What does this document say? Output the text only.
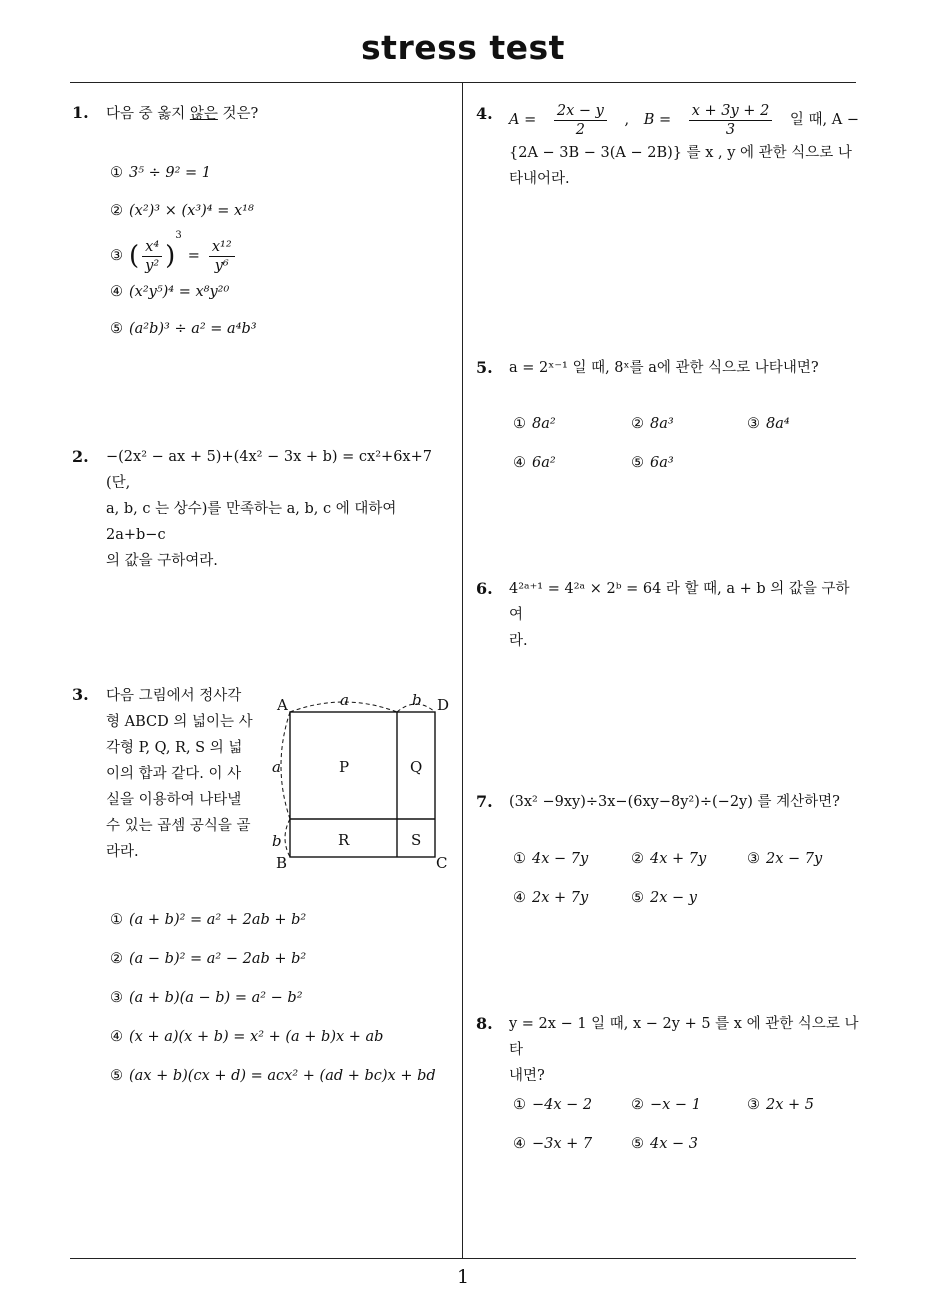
stress test
1
1. 다음 중 옳지 않은 것은?
① 3⁵ ÷ 9² = 1
② (x²)³ × (x³)⁴ = x¹⁸
③ ( $\frac{\text{x⁴}}{\text{y²}} )^3= \frac{\text{x¹²}}{\text{y⁶}}$
④ (x²y⁵)⁴ = x⁸y²⁰
⑤ (a²b)³ ÷ a² = a⁴b³
2. −(2x² − ax + 5)+(4x² − 3x + b) = cx²+6x+7 (단,
a, b, c 는 상수)를 만족하는 a, b, c 에 대하여 2a+b−c
의 값을 구하여라.
3. 다음 그림에서 정사각
형 ABCD 의 넓이는 사
각형 P, Q, R, S 의 넓
이의 합과 같다. 이 사
실을 이용하여 나타낼
수 있는 곱셈 공식을 골
라라.
A	D
B	C
P	Q
R	S
a	b
a
b
① (a + b)² = a² + 2ab + b²
② (a − b)² = a² − 2ab + b²
③ (a + b)(a − b) = a² − b²
④ (x + a)(x + b) = x² + (a + b)x + ab
⑤ (ax + b)(cx + d) = acx² + (ad + bc)x + bd
4. $A = \frac{2x - y}{2}$ , $B = \frac{x + 3y + 2}{3}$ 일 때, A −
{2A − 3B − 3(A − 2B)} 를 x , y 에 관한 식으로 나
타내어라.
5. a = 2ˣ⁻¹ 일 때, 8ˣ를 a에 관한 식으로 나타내면?
① 8a²	② 8a³	③ 8a⁴
④ 6a²	⑤ 6a³
6. 4²ᵃ⁺¹ = 4²ᵃ × 2ᵇ = 64 라 할 때, a + b 의 값을 구하여
라.
7. (3x² −9xy)÷3x−(6xy−8y²)÷(−2y) 를 계산하면?
① 4x − 7y	② 4x + 7y	③ 2x − 7y
④ 2x + 7y	⑤ 2x − y
8. y = 2x − 1 일 때, x − 2y + 5 를 x 에 관한 식으로 나타
내면?
① −4x − 2	② −x − 1	③ 2x + 5
④ −3x + 7	⑤ 4x − 3
